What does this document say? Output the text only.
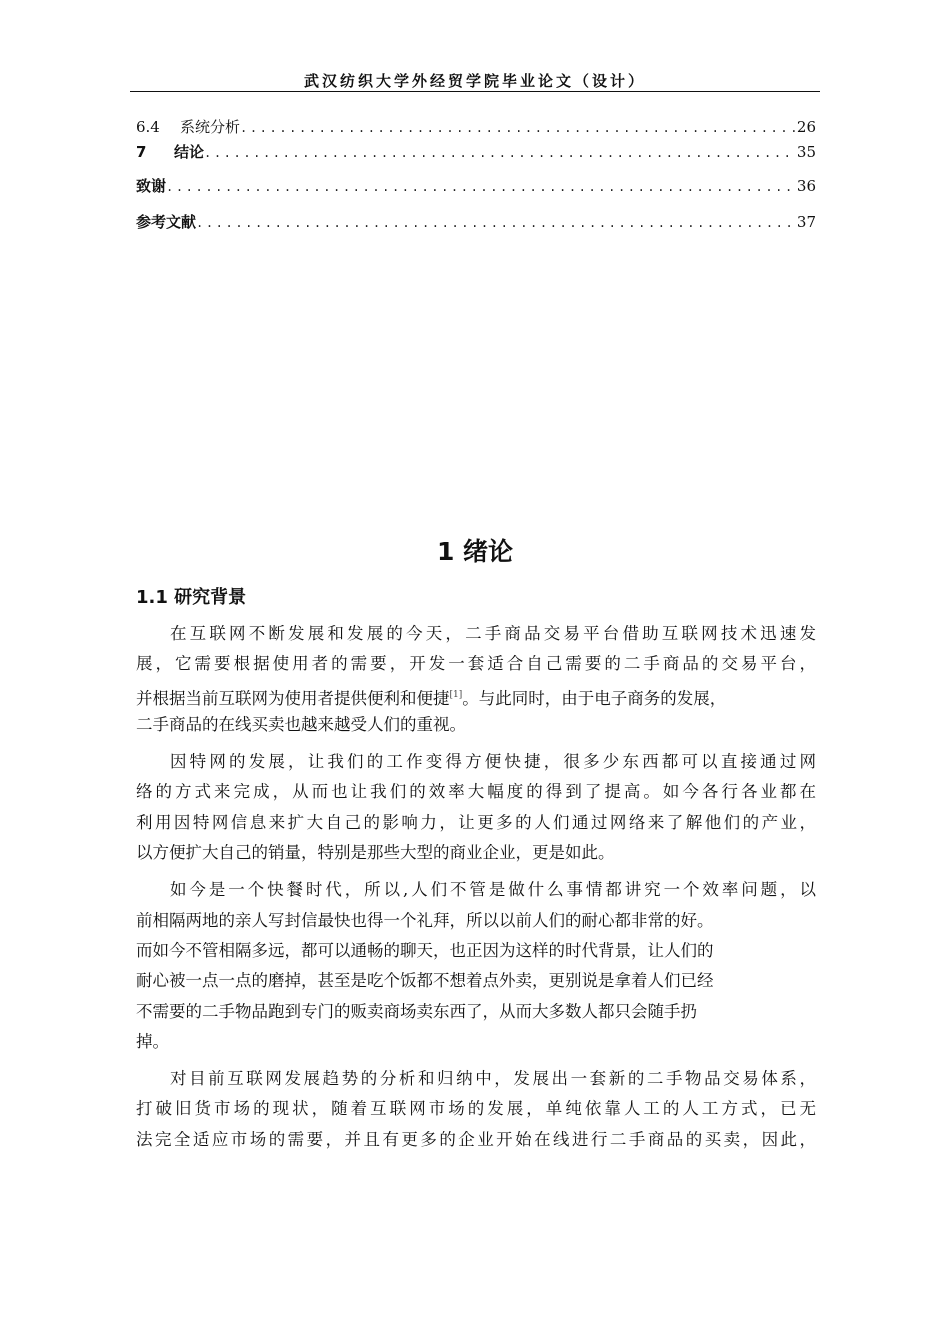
武汉纺织大学外经贸学院毕业论文（设计）
6.4 系统分析 .....	26
7 结论 .....	35
致谢 .....	36
参考文献 .....	37
1 绪论
1.1 研究背景
在互联网不断发展和发展的今天，二手商品交易平台借助互联网技术迅速发
展，它需要根据使用者的需要，开发一套适合自己需要的二手商品的交易平台，
并根据当前互联网为使用者提供便利和便捷[1]。与此同时，由于电子商务的发展，
二手商品的在线买卖也越来越受人们的重视。
因特网的发展，让我们的工作变得方便快捷，很多少东西都可以直接通过网
络的方式来完成，从而也让我们的效率大幅度的得到了提高。如今各行各业都在
利用因特网信息来扩大自己的影响力，让更多的人们通过网络来了解他们的产业，
以方便扩大自己的销量，特别是那些大型的商业企业，更是如此。
如今是一个快餐时代，所以,人们不管是做什么事情都讲究一个效率问题，以
前相隔两地的亲人写封信最快也得一个礼拜，所以以前人们的耐心都非常的好。
而如今不管相隔多远，都可以通畅的聊天，也正因为这样的时代背景，让人们的
耐心被一点一点的磨掉，甚至是吃个饭都不想着点外卖，更别说是拿着人们已经
不需要的二手物品跑到专门的贩卖商场卖东西了，从而大多数人都只会随手扔
掉。
对目前互联网发展趋势的分析和归纳中，发展出一套新的二手物品交易体系，
打破旧货市场的现状，随着互联网市场的发展，单纯依靠人工的人工方式，已无
法完全适应市场的需要，并且有更多的企业开始在线进行二手商品的买卖，因此，
